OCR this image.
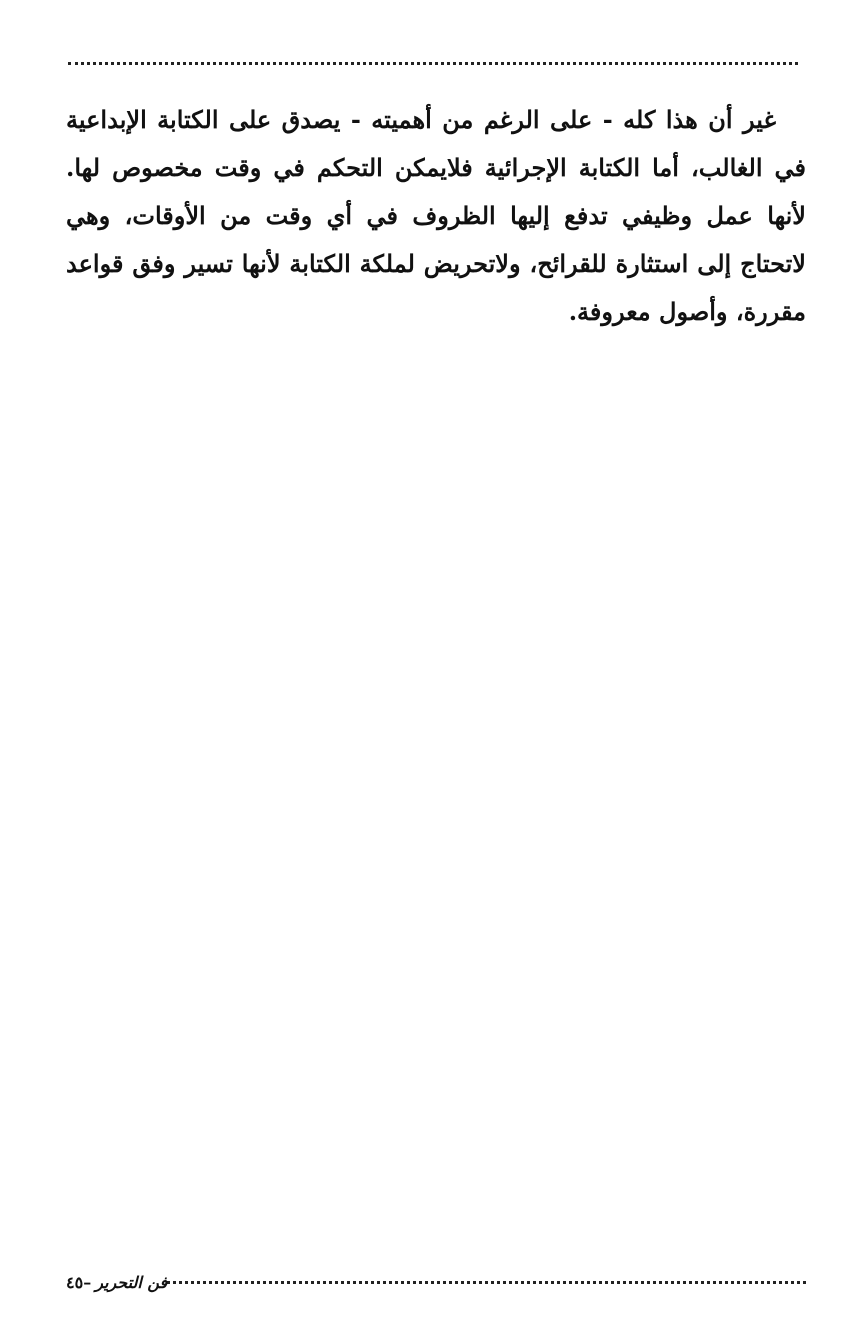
غير أن هذا كله - على الرغم من أهميته - يصدق على الكتابة الإبداعية في الغالب، أما الكتابة الإجرائية فلايمكن التحكم في وقت مخصوص لها. لأنها عمل وظيفي تدفع إليها الظروف في أي وقت من الأوقات، وهي لاتحتاج إلى استثارة للقرائح، ولاتحريض لملكة الكتابة لأنها تسير وفق قواعد مقررة، وأصول معروفة.

فن التحرير
–٤٥
